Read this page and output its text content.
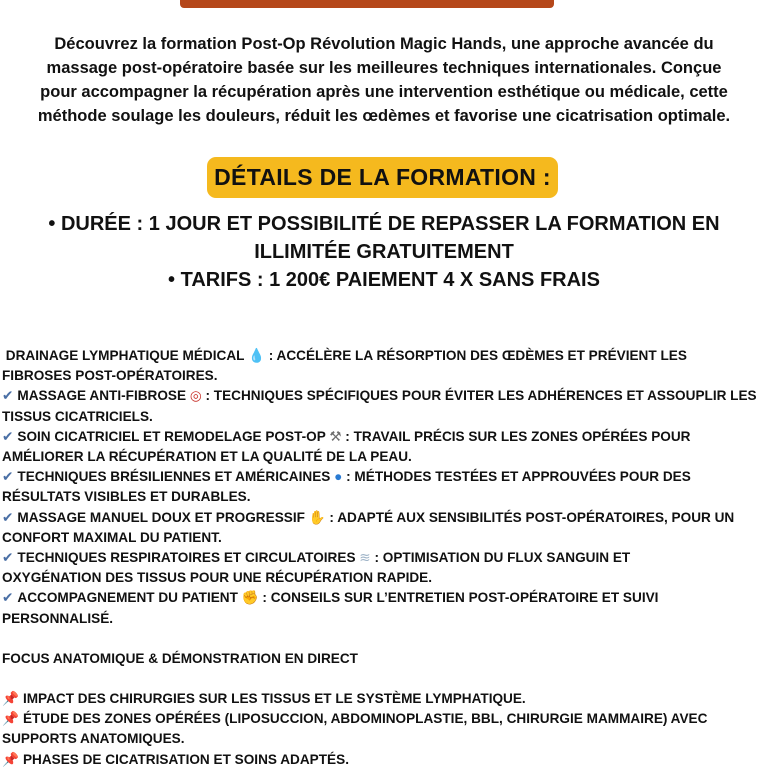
Découvrez la formation Post-Op Révolution Magic Hands, une approche avancée du
massage post-opératoire basée sur les meilleures techniques internationales. Conçue
pour accompagner la récupération après une intervention esthétique ou médicale, cette
méthode soulage les douleurs, réduit les œdèmes et favorise une cicatrisation optimale.

DÉTAILS DE LA FORMATION :
• DURÉE : 1 JOUR ET POSSIBILITÉ DE REPASSER LA FORMATION EN
ILLIMITÉE GRATUITEMENT
• TARIFS : 1 200€ PAIEMENT 4 X SANS FRAIS
DRAINAGE LYMPHATIQUE MÉDICAL 💧 : ACCÉLÈRE LA RÉSORPTION DES ŒDÈMES ET PRÉVIENT LES
FIBROSES POST-OPÉRATOIRES.
✔ MASSAGE ANTI-FIBROSE ◎ : TECHNIQUES SPÉCIFIQUES POUR ÉVITER LES ADHÉRENCES ET ASSOUPLIR LES
TISSUS CICATRICIELS.
✔ SOIN CICATRICIEL ET REMODELAGE POST-OP ⚒ : TRAVAIL PRÉCIS SUR LES ZONES OPÉRÉES POUR
AMÉLIORER LA RÉCUPÉRATION ET LA QUALITÉ DE LA PEAU.
✔ TECHNIQUES BRÉSILIENNES ET AMÉRICAINES ● : MÉTHODES TESTÉES ET APPROUVÉES POUR DES
RÉSULTATS VISIBLES ET DURABLES.
✔ MASSAGE MANUEL DOUX ET PROGRESSIF ✋ : ADAPTÉ AUX SENSIBILITÉS POST-OPÉRATOIRES, POUR UN
CONFORT MAXIMAL DU PATIENT.
✔ TECHNIQUES RESPIRATOIRES ET CIRCULATOIRES ≋ : OPTIMISATION DU FLUX SANGUIN ET
OXYGÉNATION DES TISSUS POUR UNE RÉCUPÉRATION RAPIDE.
✔ ACCOMPAGNEMENT DU PATIENT ✊ : CONSEILS SUR L’ENTRETIEN POST-OPÉRATOIRE ET SUIVI
PERSONNALISÉ.
FOCUS ANATOMIQUE & DÉMONSTRATION EN DIRECT
📌 IMPACT DES CHIRURGIES SUR LES TISSUS ET LE SYSTÈME LYMPHATIQUE.
📌 ÉTUDE DES ZONES OPÉRÉES (LIPOSUCCION, ABDOMINOPLASTIE, BBL, CHIRURGIE MAMMAIRE) AVEC
SUPPORTS ANATOMIQUES.
📌 PHASES DE CICATRISATION ET SOINS ADAPTÉS.
